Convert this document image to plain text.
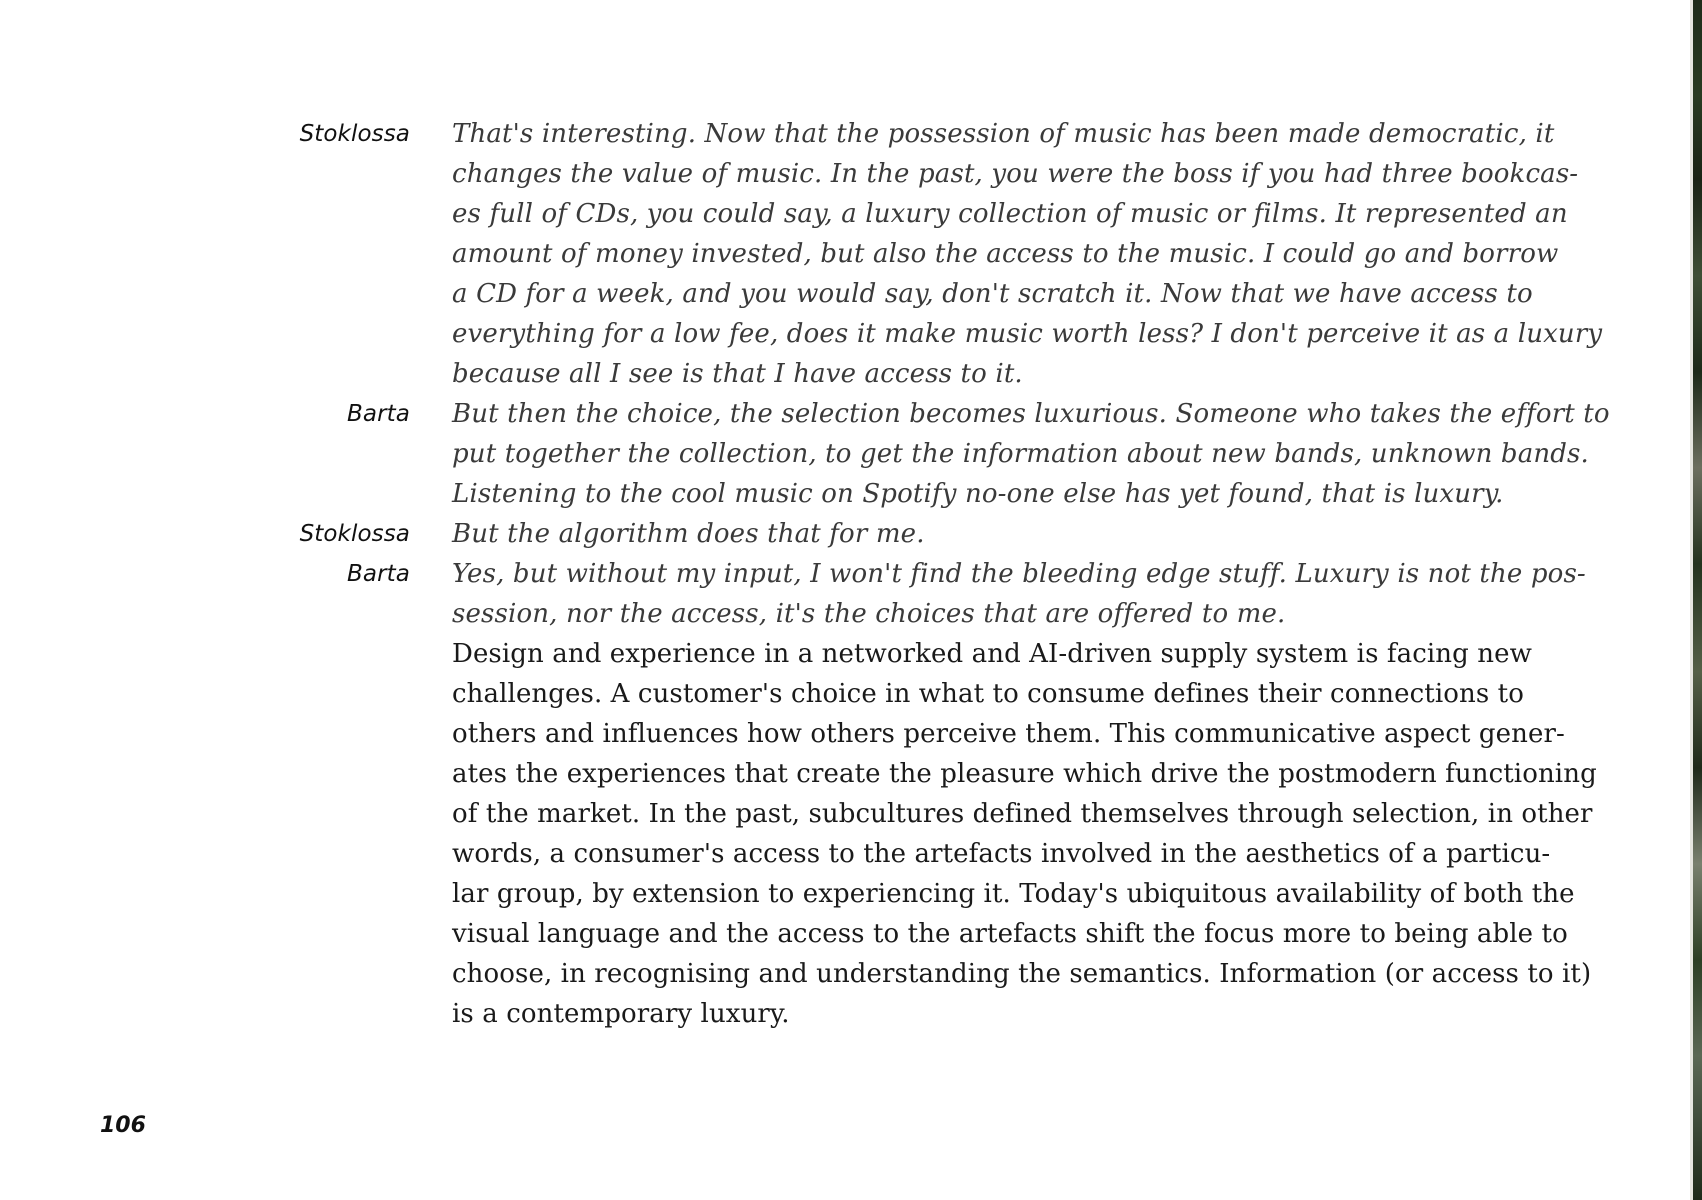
Stoklossa That's interesting. Now that the possession of music has been made democratic, it
changes the value of music. In the past, you were the boss if you had three bookcas-
es full of CDs, you could say, a luxury collection of music or films. It represented an
amount of money invested, but also the access to the music. I could go and borrow
a CD for a week, and you would say, don't scratch it. Now that we have access to
everything for a low fee, does it make music worth less? I don't perceive it as a luxury
because all I see is that I have access to it.
Barta But then the choice, the selection becomes luxurious. Someone who takes the effort to
put together the collection, to get the information about new bands, unknown bands.
Listening to the cool music on Spotify no-one else has yet found, that is luxury.
Stoklossa But the algorithm does that for me.
Barta Yes, but without my input, I won't find the bleeding edge stuff. Luxury is not the pos-
session, nor the access, it's the choices that are offered to me.
Design and experience in a networked and AI-driven supply system is facing new
challenges. A customer's choice in what to consume defines their connections to
others and influences how others perceive them. This communicative aspect gener-
ates the experiences that create the pleasure which drive the postmodern functioning
of the market. In the past, subcultures defined themselves through selection, in other
words, a consumer's access to the artefacts involved in the aesthetics of a particu-
lar group, by extension to experiencing it. Today's ubiquitous availability of both the
visual language and the access to the artefacts shift the focus more to being able to
choose, in recognising and understanding the semantics. Information (or access to it)
is a contemporary luxury.
106
